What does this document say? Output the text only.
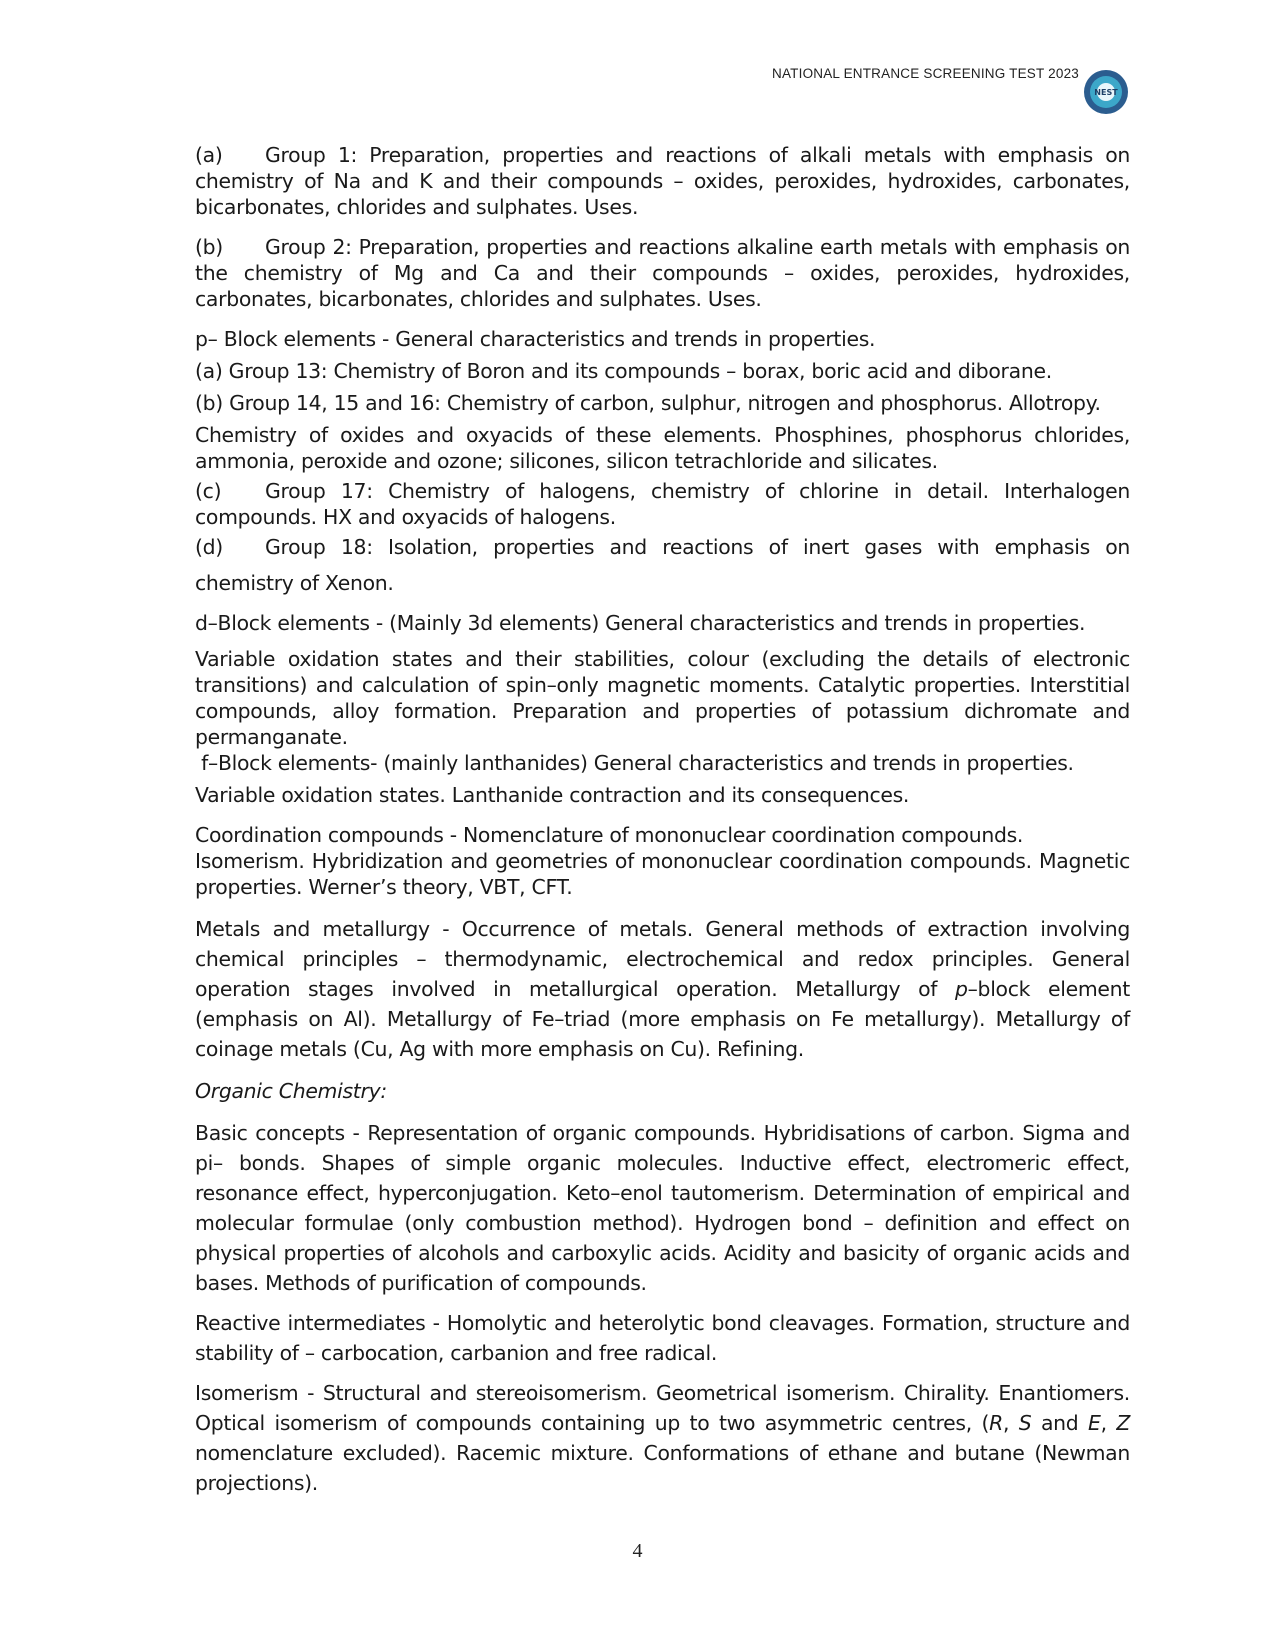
NATIONAL ENTRANCE SCREENING TEST 2023
NEST

(a) Group 1: Preparation, properties and reactions of alkali metals with emphasis on chemistry of Na and K and their compounds – oxides, peroxides, hydroxides, carbonates, bicarbonates, chlorides and sulphates. Uses.

(b) Group 2: Preparation, properties and reactions alkaline earth metals with emphasis on the chemistry of Mg and Ca and their compounds – oxides, peroxides, hydroxides, carbonates, bicarbonates, chlorides and sulphates. Uses.

p– Block elements - General characteristics and trends in properties.

(a) Group 13: Chemistry of Boron and its compounds – borax, boric acid and diborane.

(b) Group 14, 15 and 16: Chemistry of carbon, sulphur, nitrogen and phosphorus. Allotropy.

Chemistry of oxides and oxyacids of these elements. Phosphines, phosphorus chlorides, ammonia, peroxide and ozone; silicones, silicon tetrachloride and silicates.

(c) Group 17: Chemistry of halogens, chemistry of chlorine in detail. Interhalogen compounds. HX and oxyacids of halogens.

(d) Group 18: Isolation, properties and reactions of inert gases with emphasis on

chemistry of Xenon.

d–Block elements - (Mainly 3d elements) General characteristics and trends in properties.

Variable oxidation states and their stabilities, colour (excluding the details of electronic transitions) and calculation of spin–only magnetic moments. Catalytic properties. Interstitial compounds, alloy formation. Preparation and properties of potassium dichromate and permanganate.

f–Block elements- (mainly lanthanides) General characteristics and trends in properties.

Variable oxidation states. Lanthanide contraction and its consequences.

Coordination compounds - Nomenclature of mononuclear coordination compounds.

Isomerism. Hybridization and geometries of mononuclear coordination compounds. Magnetic properties. Werner’s theory, VBT, CFT.

Metals and metallurgy - Occurrence of metals. General methods of extraction involving chemical principles – thermodynamic, electrochemical and redox principles. General operation stages involved in metallurgical operation. Metallurgy of p–block element (emphasis on Al). Metallurgy of Fe–triad (more emphasis on Fe metallurgy). Metallurgy of coinage metals (Cu, Ag with more emphasis on Cu). Refining.

Organic Chemistry:

Basic concepts - Representation of organic compounds. Hybridisations of carbon. Sigma and pi– bonds. Shapes of simple organic molecules. Inductive effect, electromeric effect, resonance effect, hyperconjugation. Keto–enol tautomerism. Determination of empirical and molecular formulae (only combustion method). Hydrogen bond – definition and effect on physical properties of alcohols and carboxylic acids. Acidity and basicity of organic acids and bases. Methods of purification of compounds.

Reactive intermediates - Homolytic and heterolytic bond cleavages. Formation, structure and stability of – carbocation, carbanion and free radical.

Isomerism - Structural and stereoisomerism. Geometrical isomerism. Chirality. Enantiomers. Optical isomerism of compounds containing up to two asymmetric centres, (R, S and E, Z nomenclature excluded). Racemic mixture. Conformations of ethane and butane (Newman projections).

4
